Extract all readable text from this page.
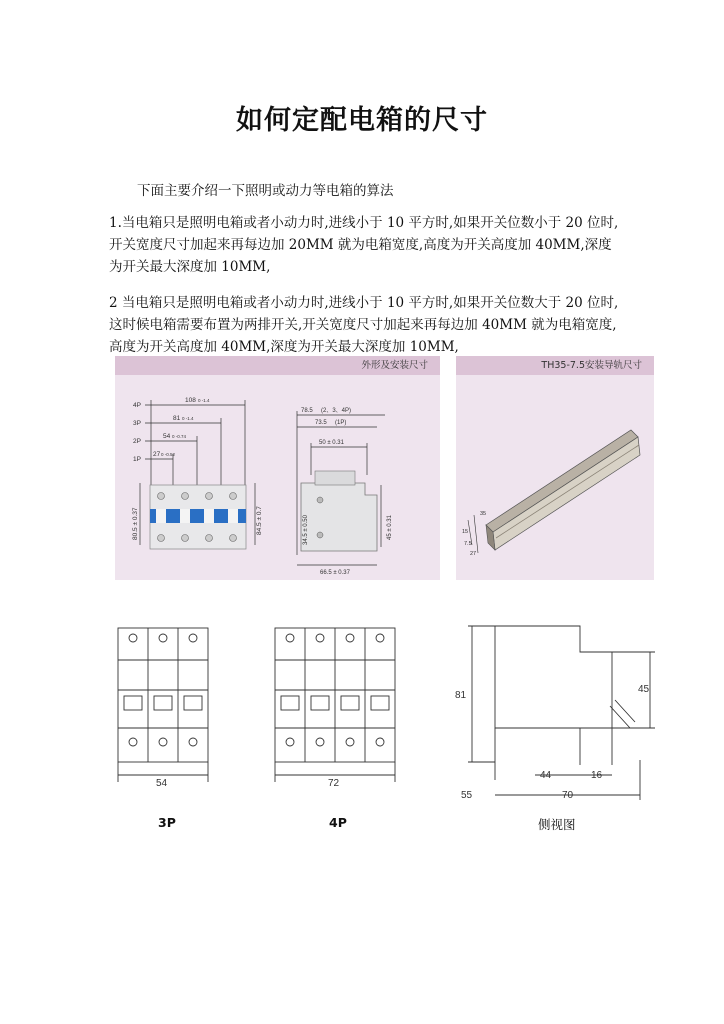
如何定配电箱的尺寸
下面主要介绍一下照明或动力等电箱的算法
1.当电箱只是照明电箱或者小动力时,进线小于 10 平方时,如果开关位数小于 20 位时,开关宽度尺寸加起来再每边加 20MM 就为电箱宽度,高度为开关高度加 40MM,深度为开关最大深度加 10MM,
2 当电箱只是照明电箱或者小动力时,进线小于 10 平方时,如果开关位数大于 20 位时,这时候电箱需要布置为两排开关,开关宽度尺寸加起来再每边加 40MM 就为电箱宽度,高度为开关高度加 40MM,深度为开关最大深度加 10MM,
外形及安装尺寸
4P
3P
2P
1P
108 0 -1.4
81 0 -1.4
54 0 -0.74
27 0 -0.52
80.5 ± 0.37	84.5 ± 0.7
78.5 (2、3、4P)
73.5 (1P)
50 ± 0.31
34.5 ± 0.50	45 ± 0.31
66.5 ± 0.37
TH35-7.5安装导轨尺寸
35
27
15
7.5
54	72
81
45
44	16
55	70
3P	4P	侧视图
